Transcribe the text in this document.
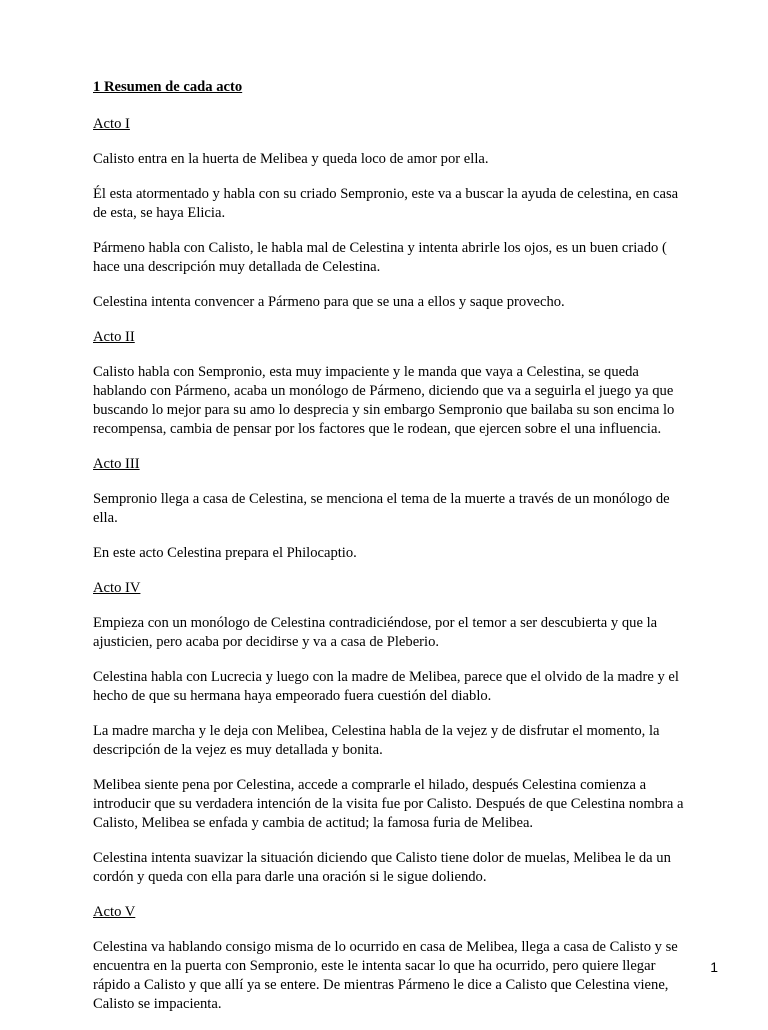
1 Resumen de cada acto
Acto I

Calisto entra en la huerta de Melibea y queda loco de amor por ella.

Él esta atormentado y habla con su criado Sempronio, este va a buscar la ayuda de celestina, en casa de esta, se haya Elicia.

Pármeno habla con Calisto, le habla mal de Celestina y intenta abrirle los ojos, es un buen criado ( hace una descripción muy detallada de Celestina.

Celestina intenta convencer a Pármeno para que se una a ellos y saque provecho.

Acto II

Calisto habla con Sempronio, esta muy impaciente y le manda que vaya a Celestina, se queda hablando con Pármeno, acaba un monólogo de Pármeno, diciendo que va a seguirla el juego ya que buscando lo mejor para su amo lo desprecia y sin embargo Sempronio que bailaba su son encima lo recompensa, cambia de pensar por los factores que le rodean, que ejercen sobre el una influencia.

Acto III

Sempronio llega a casa de Celestina, se menciona el tema de la muerte a través de un monólogo de ella.

En este acto Celestina prepara el Philocaptio.

Acto IV

Empieza con un monólogo de Celestina contradiciéndose, por el temor a ser descubierta y que la ajusticien, pero acaba por decidirse y va a casa de Pleberio.

Celestina habla con Lucrecia y luego con la madre de Melibea, parece que el olvido de la madre y el hecho de que su hermana haya empeorado fuera cuestión del diablo.

La madre marcha y le deja con Melibea, Celestina habla de la vejez y de disfrutar el momento, la descripción de la vejez es muy detallada y bonita.

Melibea siente pena por Celestina, accede a comprarle el hilado, después Celestina comienza a introducir que su verdadera intención de la visita fue por Calisto. Después de que Celestina nombra a Calisto, Melibea se enfada y cambia de actitud; la famosa furia de Melibea.

Celestina intenta suavizar la situación diciendo que Calisto tiene dolor de muelas, Melibea le da un cordón y queda con ella para darle una oración si le sigue doliendo.

Acto V

Celestina va hablando consigo misma de lo ocurrido en casa de Melibea, llega a casa de Calisto y se encuentra en la puerta con Sempronio, este le intenta sacar lo que ha ocurrido, pero quiere llegar rápido a Calisto y que allí ya se entere. De mientras Pármeno le dice a Calisto que Celestina viene, Calisto se impacienta.

1
